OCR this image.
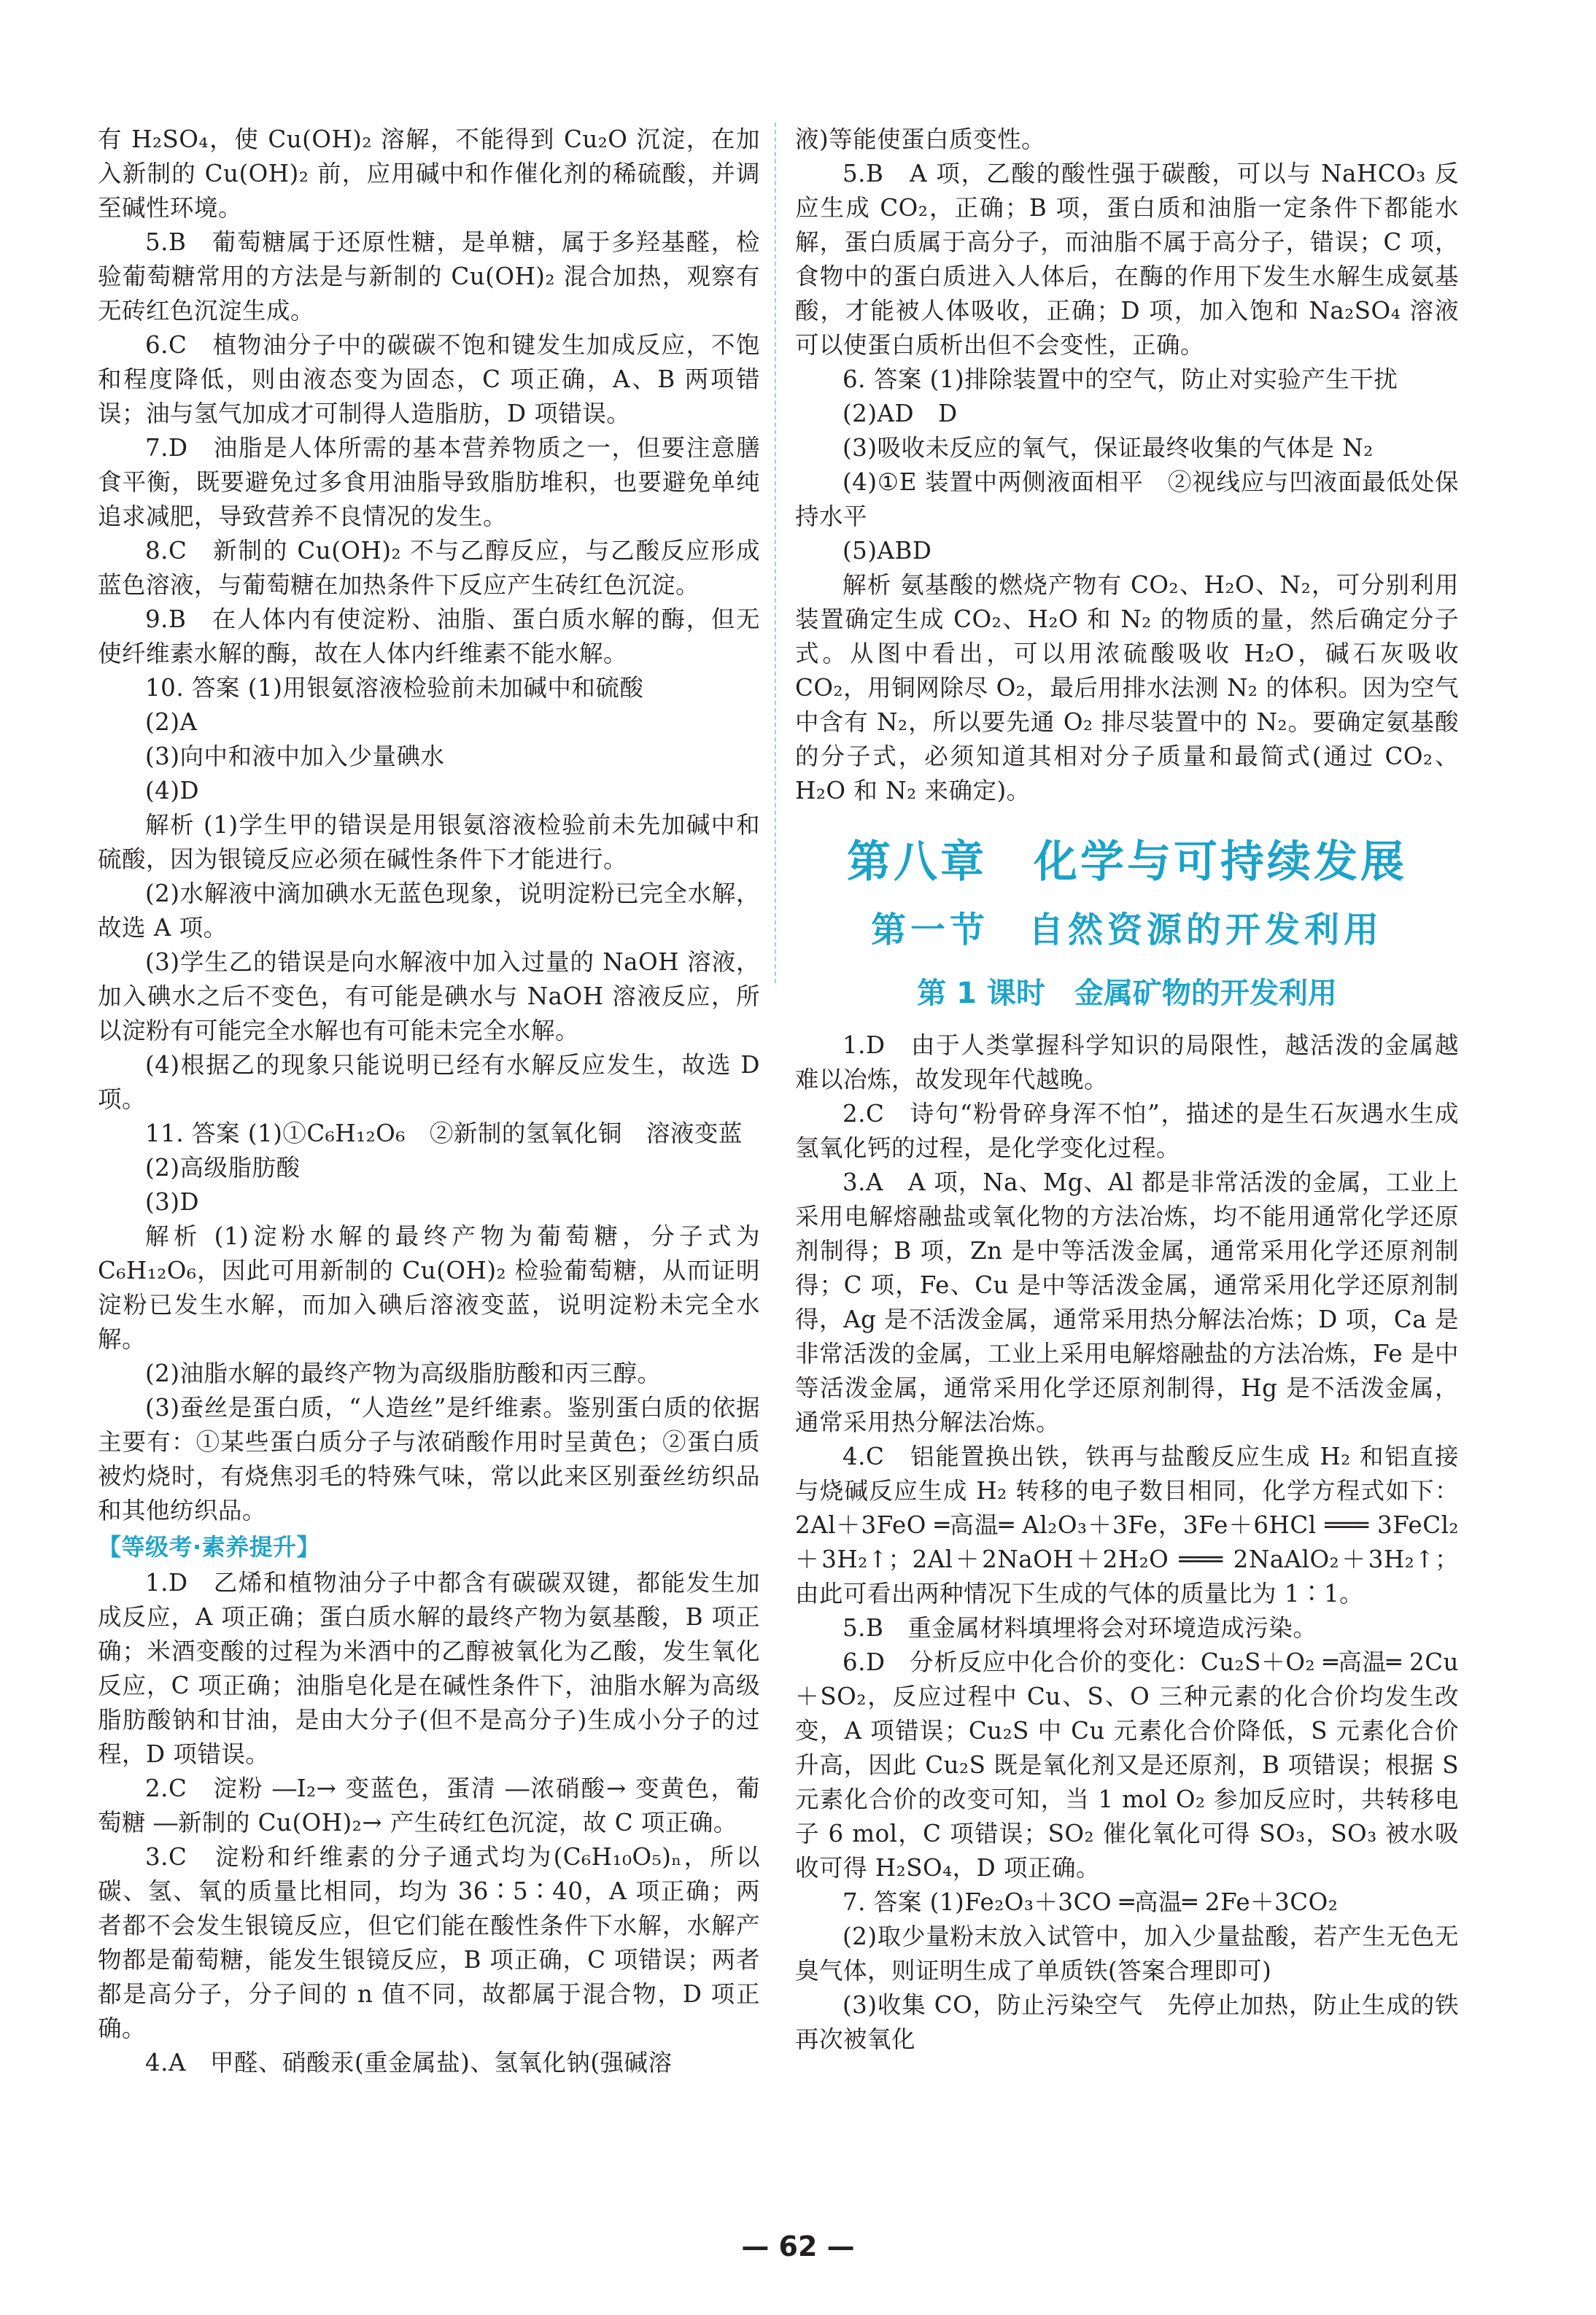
有 H₂SO₄，使 Cu(OH)₂ 溶解，不能得到 Cu₂O 沉淀，在加入新制的 Cu(OH)₂ 前，应用碱中和作催化剂的稀硫酸，并调至碱性环境。

5.B　葡萄糖属于还原性糖，是单糖，属于多羟基醛，检验葡萄糖常用的方法是与新制的 Cu(OH)₂ 混合加热，观察有无砖红色沉淀生成。

6.C　植物油分子中的碳碳不饱和键发生加成反应，不饱和程度降低，则由液态变为固态，C 项正确，A、B 两项错误；油与氢气加成才可制得人造脂肪，D 项错误。

7.D　油脂是人体所需的基本营养物质之一，但要注意膳食平衡，既要避免过多食用油脂导致脂肪堆积，也要避免单纯追求减肥，导致营养不良情况的发生。

8.C　新制的 Cu(OH)₂ 不与乙醇反应，与乙酸反应形成蓝色溶液，与葡萄糖在加热条件下反应产生砖红色沉淀。

9.B　在人体内有使淀粉、油脂、蛋白质水解的酶，但无使纤维素水解的酶，故在人体内纤维素不能水解。

10. 答案 (1)用银氨溶液检验前未加碱中和硫酸

(2)A

(3)向中和液中加入少量碘水

(4)D

解析 (1)学生甲的错误是用银氨溶液检验前未先加碱中和硫酸，因为银镜反应必须在碱性条件下才能进行。

(2)水解液中滴加碘水无蓝色现象，说明淀粉已完全水解，故选 A 项。

(3)学生乙的错误是向水解液中加入过量的 NaOH 溶液，加入碘水之后不变色，有可能是碘水与 NaOH 溶液反应，所以淀粉有可能完全水解也有可能未完全水解。

(4)根据乙的现象只能说明已经有水解反应发生，故选 D 项。

11. 答案 (1)①C₆H₁₂O₆　②新制的氢氧化铜　溶液变蓝

(2)高级脂肪酸

(3)D

解析 (1)淀粉水解的最终产物为葡萄糖，分子式为 C₆H₁₂O₆，因此可用新制的 Cu(OH)₂ 检验葡萄糖，从而证明淀粉已发生水解，而加入碘后溶液变蓝，说明淀粉未完全水解。

(2)油脂水解的最终产物为高级脂肪酸和丙三醇。

(3)蚕丝是蛋白质，“人造丝”是纤维素。鉴别蛋白质的依据主要有：①某些蛋白质分子与浓硝酸作用时呈黄色；②蛋白质被灼烧时，有烧焦羽毛的特殊气味，常以此来区别蚕丝纺织品和其他纺织品。

【等级考·素养提升】

1.D　乙烯和植物油分子中都含有碳碳双键，都能发生加成反应，A 项正确；蛋白质水解的最终产物为氨基酸，B 项正确；米酒变酸的过程为米酒中的乙醇被氧化为乙酸，发生氧化反应，C 项正确；油脂皂化是在碱性条件下，油脂水解为高级脂肪酸钠和甘油，是由大分子(但不是高分子)生成小分子的过程，D 项错误。

2.C　淀粉 ―I₂→ 变蓝色，蛋清 ―浓硝酸→ 变黄色，葡萄糖 ―新制的 Cu(OH)₂→ 产生砖红色沉淀，故 C 项正确。

3.C　淀粉和纤维素的分子通式均为(C₆H₁₀O₅)ₙ，所以碳、氢、氧的质量比相同，均为 36∶5∶40，A 项正确；两者都不会发生银镜反应，但它们能在酸性条件下水解，水解产物都是葡萄糖，能发生银镜反应，B 项正确，C 项错误；两者都是高分子，分子间的 n 值不同，故都属于混合物，D 项正确。

4.A　甲醛、硝酸汞(重金属盐)、氢氧化钠(强碱溶

液)等能使蛋白质变性。

5.B　A 项，乙酸的酸性强于碳酸，可以与 NaHCO₃ 反应生成 CO₂，正确；B 项，蛋白质和油脂一定条件下都能水解，蛋白质属于高分子，而油脂不属于高分子，错误；C 项，食物中的蛋白质进入人体后，在酶的作用下发生水解生成氨基酸，才能被人体吸收，正确；D 项，加入饱和 Na₂SO₄ 溶液可以使蛋白质析出但不会变性，正确。

6. 答案 (1)排除装置中的空气，防止对实验产生干扰

(2)AD　D

(3)吸收未反应的氧气，保证最终收集的气体是 N₂

(4)①E 装置中两侧液面相平　②视线应与凹液面最低处保持水平

(5)ABD

解析 氨基酸的燃烧产物有 CO₂、H₂O、N₂，可分别利用装置确定生成 CO₂、H₂O 和 N₂ 的物质的量，然后确定分子式。从图中看出，可以用浓硫酸吸收 H₂O，碱石灰吸收 CO₂，用铜网除尽 O₂，最后用排水法测 N₂ 的体积。因为空气中含有 N₂，所以要先通 O₂ 排尽装置中的 N₂。要确定氨基酸的分子式，必须知道其相对分子质量和最简式(通过 CO₂、H₂O 和 N₂ 来确定)。

第八章　化学与可持续发展
第一节　自然资源的开发利用
第 1 课时　金属矿物的开发利用

1.D　由于人类掌握科学知识的局限性，越活泼的金属越难以冶炼，故发现年代越晚。

2.C　诗句“粉骨碎身浑不怕”，描述的是生石灰遇水生成氢氧化钙的过程，是化学变化过程。

3.A　A 项，Na、Mg、Al 都是非常活泼的金属，工业上采用电解熔融盐或氧化物的方法冶炼，均不能用通常化学还原剂制得；B 项，Zn 是中等活泼金属，通常采用化学还原剂制得；C 项，Fe、Cu 是中等活泼金属，通常采用化学还原剂制得，Ag 是不活泼金属，通常采用热分解法冶炼；D 项，Ca 是非常活泼的金属，工业上采用电解熔融盐的方法冶炼，Fe 是中等活泼金属，通常采用化学还原剂制得，Hg 是不活泼金属，通常采用热分解法冶炼。

4.C　铝能置换出铁，铁再与盐酸反应生成 H₂ 和铝直接与烧碱反应生成 H₂ 转移的电子数目相同，化学方程式如下：2Al＋3FeO ═高温═ Al₂O₃＋3Fe，3Fe＋6HCl ═══ 3FeCl₂＋3H₂↑；2Al＋2NaOH＋2H₂O ═══ 2NaAlO₂＋3H₂↑；由此可看出两种情况下生成的气体的质量比为 1∶1。

5.B　重金属材料填埋将会对环境造成污染。

6.D　分析反应中化合价的变化：Cu₂S＋O₂ ═高温═ 2Cu＋SO₂，反应过程中 Cu、S、O 三种元素的化合价均发生改变，A 项错误；Cu₂S 中 Cu 元素化合价降低，S 元素化合价升高，因此 Cu₂S 既是氧化剂又是还原剂，B 项错误；根据 S 元素化合价的改变可知，当 1 mol O₂ 参加反应时，共转移电子 6 mol，C 项错误；SO₂ 催化氧化可得 SO₃，SO₃ 被水吸收可得 H₂SO₄，D 项正确。

7. 答案 (1)Fe₂O₃＋3CO ═高温═ 2Fe＋3CO₂

(2)取少量粉末放入试管中，加入少量盐酸，若产生无色无臭气体，则证明生成了单质铁(答案合理即可)

(3)收集 CO，防止污染空气　先停止加热，防止生成的铁再次被氧化

— 62 —
